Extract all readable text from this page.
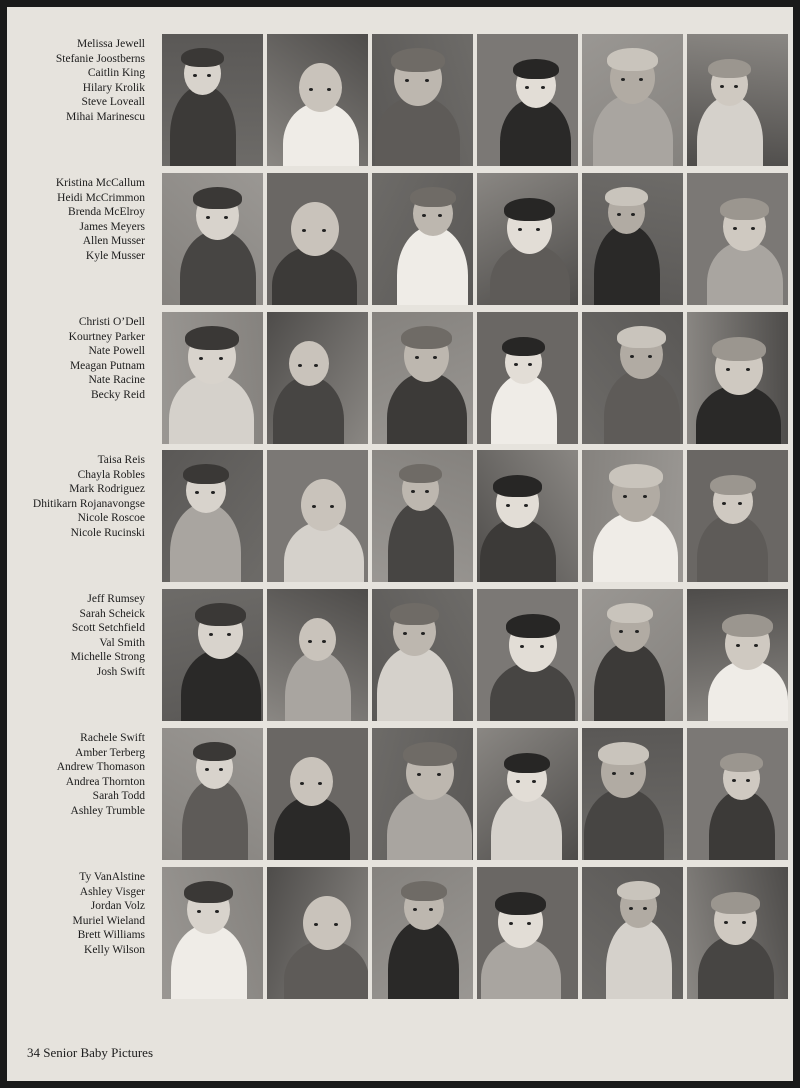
Melissa Jewell
Stefanie Joostberns
Caitlin King
Hilary Krolik
Steve Loveall
Mihai Marinescu
Kristina McCallum
Heidi McCrimmon
Brenda McElroy
James Meyers
Allen Musser
Kyle Musser
Christi O’Dell
Kourtney Parker
Nate Powell
Meagan Putnam
Nate Racine
Becky Reid
Taisa Reis
Chayla Robles
Mark Rodriguez
Dhitikarn Rojanavongse
Nicole Roscoe
Nicole Rucinski
Jeff Rumsey
Sarah Scheick
Scott Setchfield
Val Smith
Michelle Strong
Josh Swift
Rachele Swift
Amber Terberg
Andrew Thomason
Andrea Thornton
Sarah Todd
Ashley Trumble
Ty VanAlstine
Ashley Visger
Jordan Volz
Muriel Wieland
Brett Williams
Kelly Wilson
34 Senior Baby Pictures
